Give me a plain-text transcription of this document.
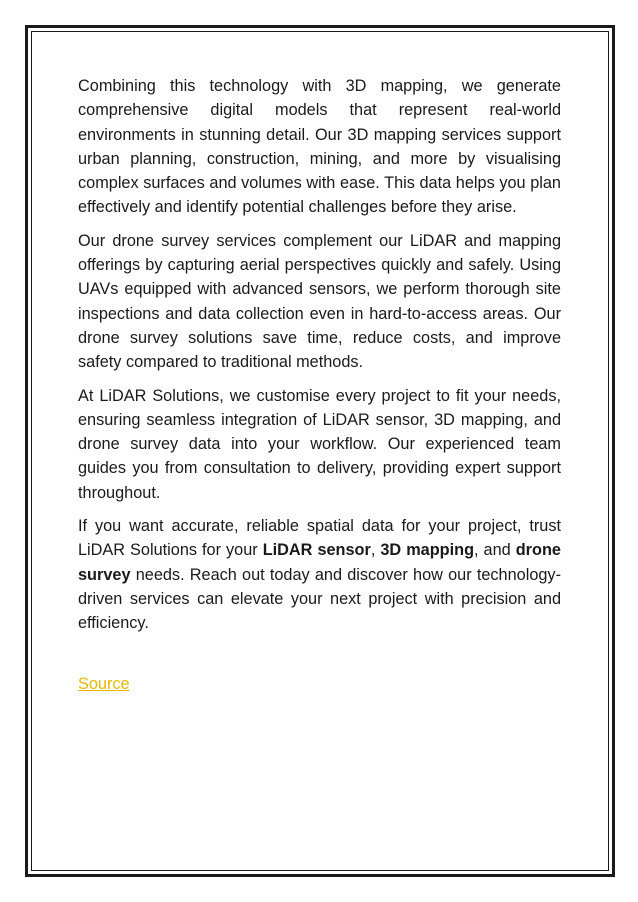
Combining this technology with 3D mapping, we generate comprehensive digital models that represent real-world environments in stunning detail. Our 3D mapping services support urban planning, construction, mining, and more by visualising complex surfaces and volumes with ease. This data helps you plan effectively and identify potential challenges before they arise.

Our drone survey services complement our LiDAR and mapping offerings by capturing aerial perspectives quickly and safely. Using UAVs equipped with advanced sensors, we perform thorough site inspections and data collection even in hard-to-access areas. Our drone survey solutions save time, reduce costs, and improve safety compared to traditional methods.

At LiDAR Solutions, we customise every project to fit your needs, ensuring seamless integration of LiDAR sensor, 3D mapping, and drone survey data into your workflow. Our experienced team guides you from consultation to delivery, providing expert support throughout.

If you want accurate, reliable spatial data for your project, trust LiDAR Solutions for your LiDAR sensor, 3D mapping, and drone survey needs. Reach out today and discover how our technology-driven services can elevate your next project with precision and efficiency.

Source
